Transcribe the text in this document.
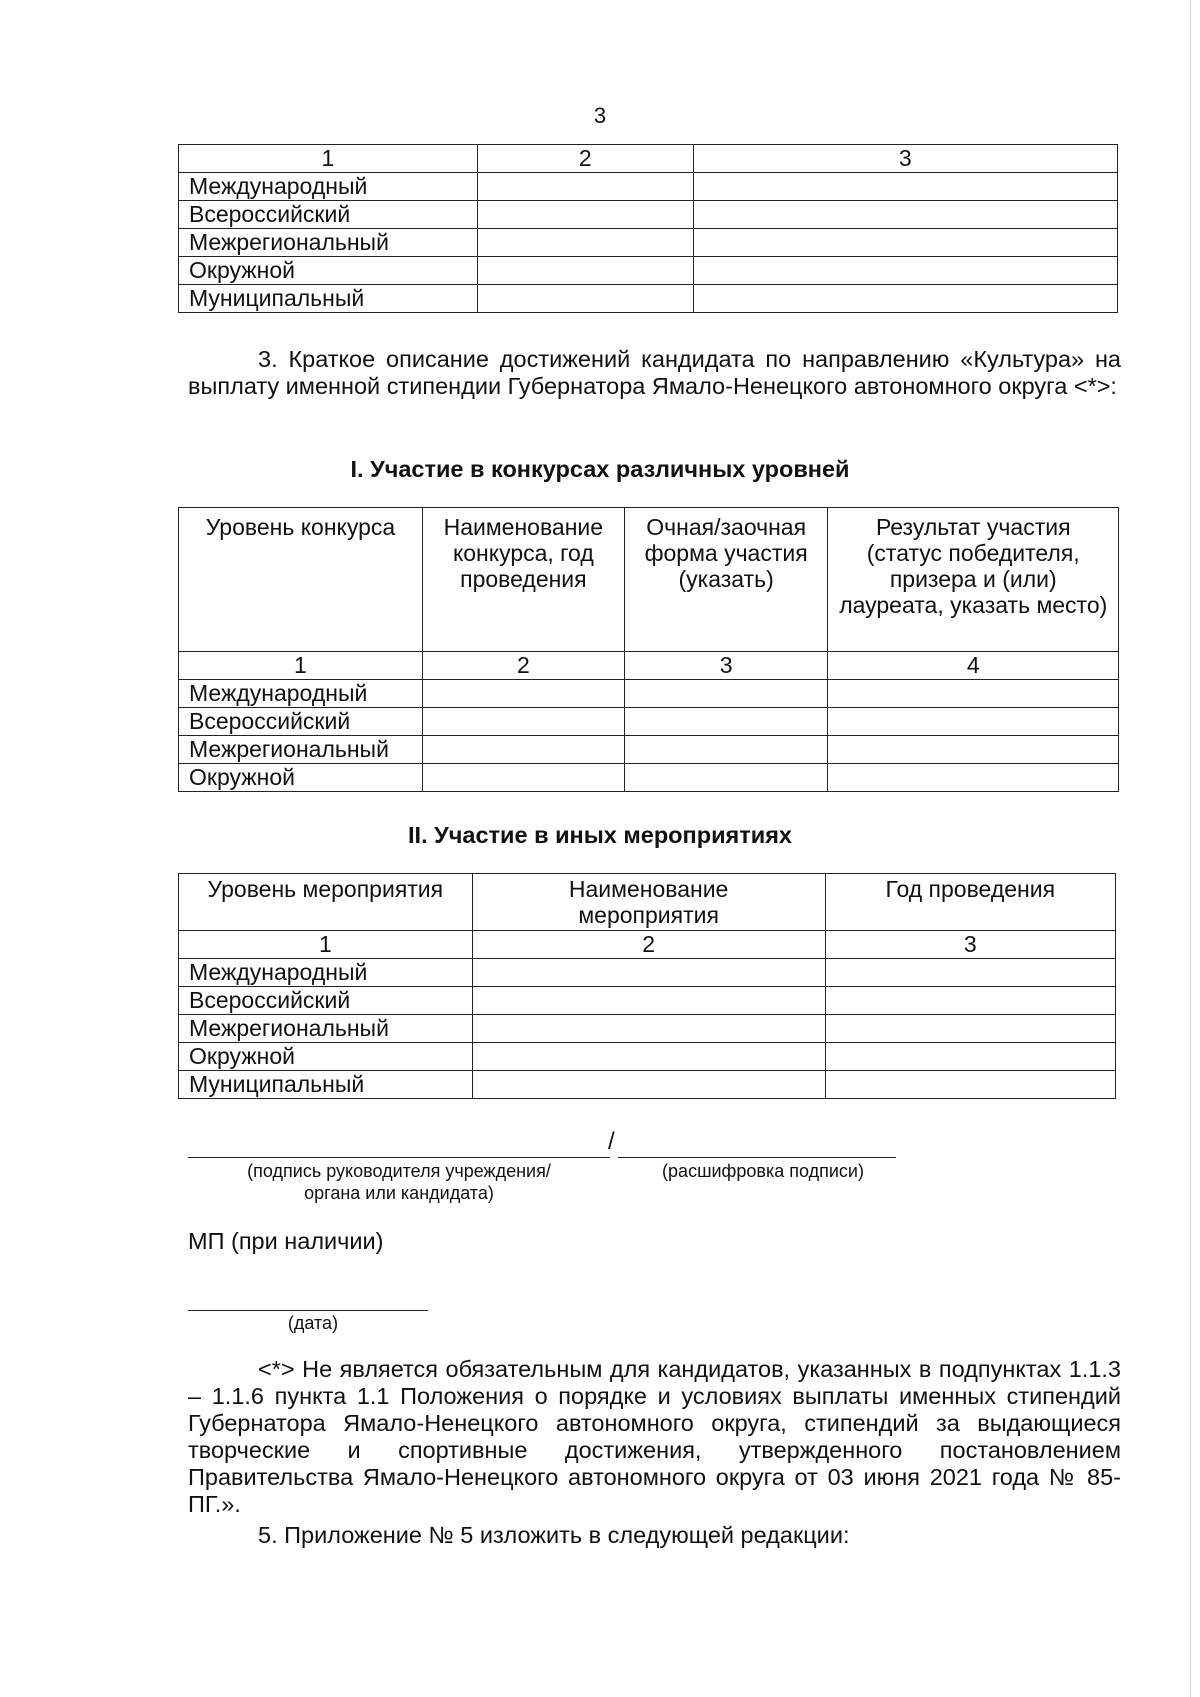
3
1	2	3
Международный		
Всероссийский		
Межрегиональный		
Окружной		
Муниципальный		
3. Краткое описание достижений кандидата по направлению «Культура» на выплату именной стипендии Губернатора Ямало-Ненецкого автономного округа <*>:
I. Участие в конкурсах различных уровней
Уровень конкурса	Наименование конкурса, год проведения	Очная/заочная форма участия (указать)	Результат участия (статус победителя, призера и (или) лауреата, указать место)
1	2	3	4
Международный			
Всероссийский			
Межрегиональный			
Окружной			
II. Участие в иных мероприятиях
Уровень мероприятия	Наименование мероприятия	Год проведения
1	2	3
Международный		
Всероссийский		
Межрегиональный		
Окружной		
Муниципальный		
/
(подпись руководителя учреждения/
органа или кандидата)
(расшифровка подписи)
МП (при наличии)
(дата)
<*> Не является обязательным для кандидатов, указанных в подпунктах 1.1.3 – 1.1.6 пункта 1.1 Положения о порядке и условиях выплаты именных стипендий Губернатора Ямало-Ненецкого автономного округа, стипендий за выдающиеся творческие и спортивные достижения, утвержденного постановлением Правительства Ямало-Ненецкого автономного округа от 03 июня 2021 года № 85-ПГ.».
5. Приложение № 5 изложить в следующей редакции:
